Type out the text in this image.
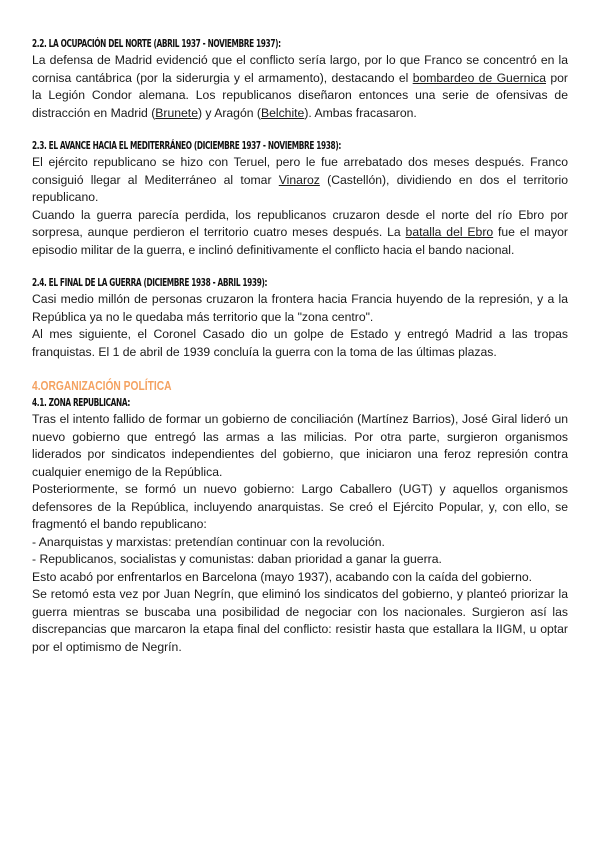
2.2. LA OCUPACIÓN DEL NORTE (ABRIL 1937 - NOVIEMBRE 1937):

La defensa de Madrid evidenció que el conflicto sería largo, por lo que Franco se concentró en la cornisa cantábrica (por la siderurgia y el armamento), destacando el bombardeo de Guernica por la Legión Condor alemana. Los republicanos diseñaron entonces una serie de ofensivas de distracción en Madrid (Brunete) y Aragón (Belchite). Ambas fracasaron.

2.3. EL AVANCE HACIA EL MEDITERRÁNEO (DICIEMBRE 1937 - NOVIEMBRE 1938):

El ejército republicano se hizo con Teruel, pero le fue arrebatado dos meses después. Franco consiguió llegar al Mediterráneo al tomar Vinaroz (Castellón), dividiendo en dos el territorio republicano.

Cuando la guerra parecía perdida, los republicanos cruzaron desde el norte del río Ebro por sorpresa, aunque perdieron el territorio cuatro meses después. La batalla del Ebro fue el mayor episodio militar de la guerra, e inclinó definitivamente el conflicto hacia el bando nacional.

2.4. EL FINAL DE LA GUERRA (DICIEMBRE 1938 - ABRIL 1939):

Casi medio millón de personas cruzaron la frontera hacia Francia huyendo de la represión, y a la República ya no le quedaba más territorio que la "zona centro".

Al mes siguiente, el Coronel Casado dio un golpe de Estado y entregó Madrid a las tropas franquistas. El 1 de abril de 1939 concluía la guerra con la toma de las últimas plazas.

4.ORGANIZACIÓN POLÍTICA
4.1. ZONA REPUBLICANA:

Tras el intento fallido de formar un gobierno de conciliación (Martínez Barrios), José Giral lideró un nuevo gobierno que entregó las armas a las milicias. Por otra parte, surgieron organismos liderados por sindicatos independientes del gobierno, que iniciaron una feroz represión contra cualquier enemigo de la República.

Posteriormente, se formó un nuevo gobierno: Largo Caballero (UGT) y aquellos organismos defensores de la República, incluyendo anarquistas. Se creó el Ejército Popular, y, con ello, se fragmentó el bando republicano:

- Anarquistas y marxistas: pretendían continuar con la revolución.

- Republicanos, socialistas y comunistas: daban prioridad a ganar la guerra.

Esto acabó por enfrentarlos en Barcelona (mayo 1937), acabando con la caída del gobierno.

Se retomó esta vez por Juan Negrín, que eliminó los sindicatos del gobierno, y planteó priorizar la guerra mientras se buscaba una posibilidad de negociar con los nacionales. Surgieron así las discrepancias que marcaron la etapa final del conflicto: resistir hasta que estallara la IIGM, u optar por el optimismo de Negrín.
